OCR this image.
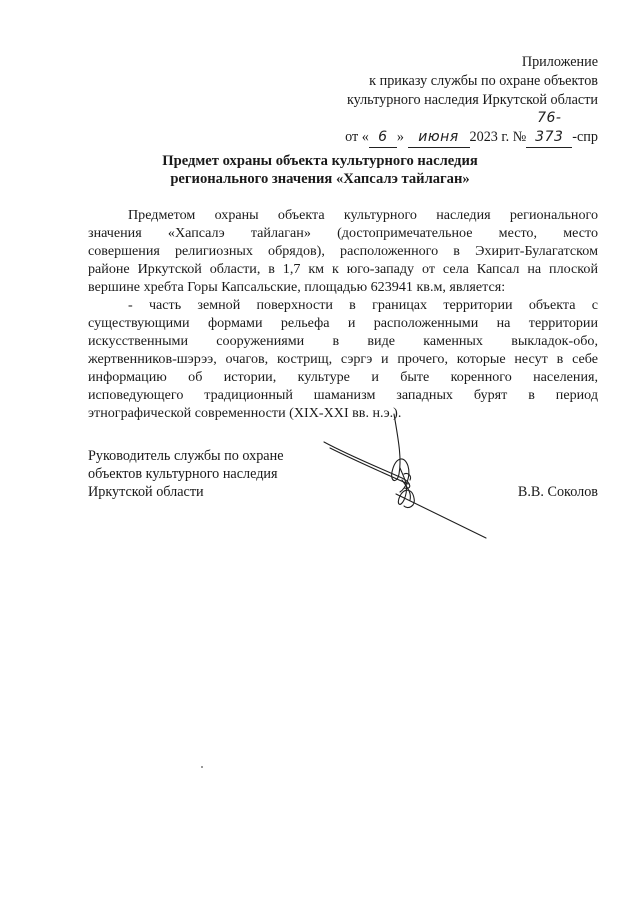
Приложение
к приказу службы по охране объектов
культурного наследия Иркутской области
от « 6 » июня 2023 г. №76-373 -спр
Предмет охраны объекта культурного наследия
регионального значения «Хапсалэ тайлаган»
Предметом охраны объекта культурного наследия регионального
значения «Хапсалэ тайлаган» (достопримечательное место, место
совершения религиозных обрядов), расположенного в Эхирит-Булагатском
районе Иркутской области, в 1,7 км к юго-западу от села Капсал на плоской
вершине хребта Горы Капсальские, площадью 623941 кв.м, является:
- часть земной поверхности в границах территории объекта с
существующими формами рельефа и расположенными на территории
искусственными сооружениями в виде каменных выкладок-обо,
жертвенников-шэрээ, очагов, кострищ, сэргэ и прочего, которые несут в себе
информацию об истории, культуре и быте коренного населения,
исповедующего традиционный шаманизм западных бурят в период
этнографической современности (XIX-XXI вв. н.э.).
Руководитель службы по охране
объектов культурного наследия
Иркутской области	В.В. Соколов
